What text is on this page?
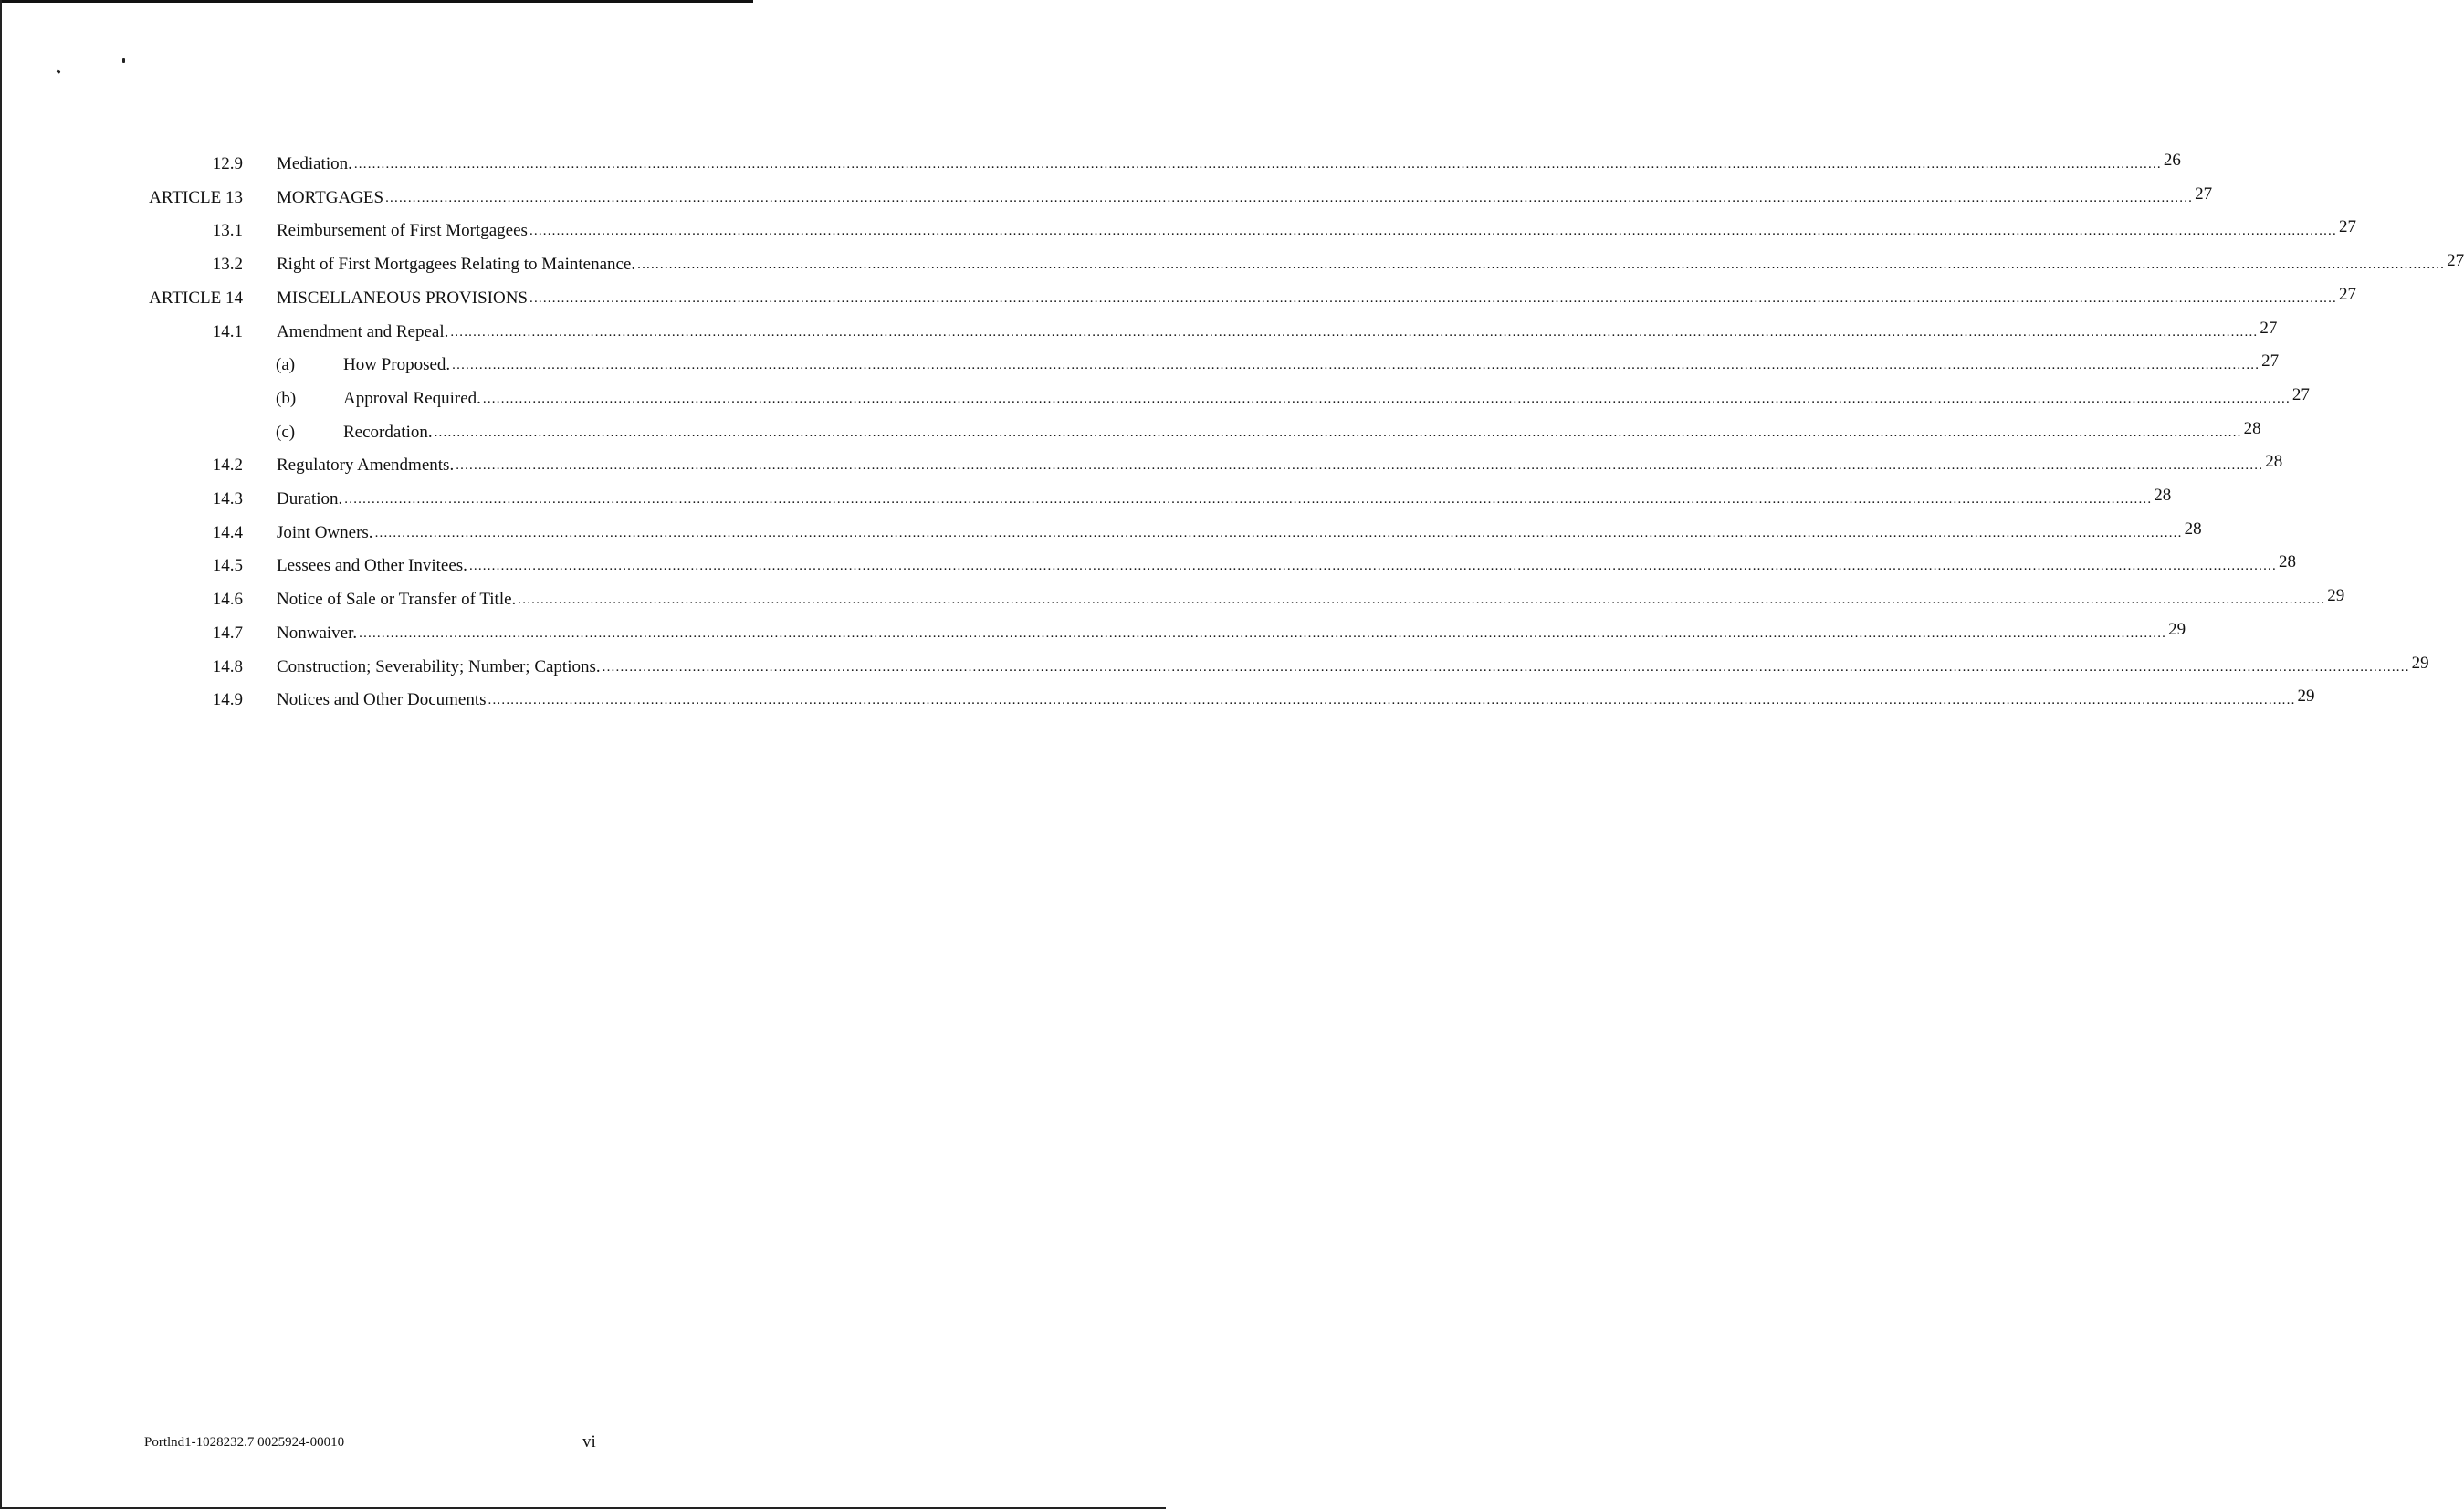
12.9 Mediation. ................................................................................................................................................................................................................................................................................................................................................................................................................ 26
ARTICLE 13 MORTGAGES ................................................................................................................................................................................................................................................................................................................................................................................................................ 27
13.1 Reimbursement of First Mortgagees ................................................................................................................................................................................................................................................................................................................................................................................................................ 27
13.2 Right of First Mortgagees Relating to Maintenance. ................................................................................................................................................................................................................................................................................................................................................................................................................ 27
ARTICLE 14 MISCELLANEOUS PROVISIONS ................................................................................................................................................................................................................................................................................................................................................................................................................ 27
14.1 Amendment and Repeal. ................................................................................................................................................................................................................................................................................................................................................................................................................ 27
(a)	How Proposed. ................................................................................................................................................................................................................................................................................................................................................................................................................ 27
(b)	Approval Required. ................................................................................................................................................................................................................................................................................................................................................................................................................ 27
(c)	Recordation. ................................................................................................................................................................................................................................................................................................................................................................................................................ 28
14.2 Regulatory Amendments. ................................................................................................................................................................................................................................................................................................................................................................................................................ 28
14.3 Duration. ................................................................................................................................................................................................................................................................................................................................................................................................................ 28
14.4 Joint Owners. ................................................................................................................................................................................................................................................................................................................................................................................................................ 28
14.5 Lessees and Other Invitees. ................................................................................................................................................................................................................................................................................................................................................................................................................ 28
14.6 Notice of Sale or Transfer of Title. ................................................................................................................................................................................................................................................................................................................................................................................................................ 29
14.7 Nonwaiver. ................................................................................................................................................................................................................................................................................................................................................................................................................ 29
14.8 Construction; Severability; Number; Captions. ................................................................................................................................................................................................................................................................................................................................................................................................................ 29
14.9 Notices and Other Documents ................................................................................................................................................................................................................................................................................................................................................................................................................ 29
Portlnd1-1028232.7 0025924-00010	vi
